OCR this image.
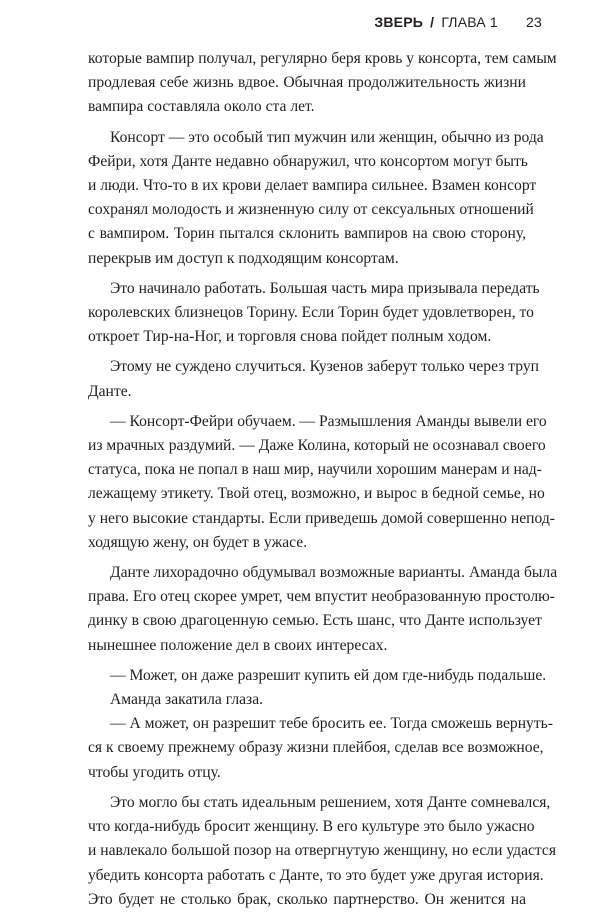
ЗВЕРЬ / ГЛАВА 1 23
которые вампир получал, регулярно беря кровь у консорта, тем самым
продлевая себе жизнь вдвое. Обычная продолжительность жизни
вампира составляла около ста лет.
Консорт — это особый тип мужчин или женщин, обычно из рода
Фейри, хотя Данте недавно обнаружил, что консортом могут быть
и люди. Что-то в их крови делает вампира сильнее. Взамен консорт
сохранял молодость и жизненную силу от сексуальных отношений
с вампиром. Торин пытался склонить вампиров на свою сторону,
перекрыв им доступ к подходящим консортам.
Это начинало работать. Большая часть мира призывала передать
королевских близнецов Торину. Если Торин будет удовлетворен, то
откроет Тир-на-Ног, и торговля снова пойдет полным ходом.
Этому не суждено случиться. Кузенов заберут только через труп
Данте.
— Консорт-Фейри обучаем. — Размышления Аманды вывели его
из мрачных раздумий. — Даже Колина, который не осознавал своего
статуса, пока не попал в наш мир, научили хорошим манерам и над-
лежащему этикету. Твой отец, возможно, и вырос в бедной семье, но
у него высокие стандарты. Если приведешь домой совершенно непод-
ходящую жену, он будет в ужасе.
Данте лихорадочно обдумывал возможные варианты. Аманда была
права. Его отец скорее умрет, чем впустит необразованную простолю-
динку в свою драгоценную семью. Есть шанс, что Данте использует
нынешнее положение дел в своих интересах.
— Может, он даже разрешит купить ей дом где-нибудь подальше.
Аманда закатила глаза.
— А может, он разрешит тебе бросить ее. Тогда сможешь вернуть-
ся к своему прежнему образу жизни плейбоя, сделав все возможное,
чтобы угодить отцу.
Это могло бы стать идеальным решением, хотя Данте сомневался,
что когда-нибудь бросит женщину. В его культуре это было ужасно
и навлекало большой позор на отвергнутую женщину, но если удастся
убедить консорта работать с Данте, то это будет уже другая история.
Это будет не столько брак, сколько партнерство. Он женится на
